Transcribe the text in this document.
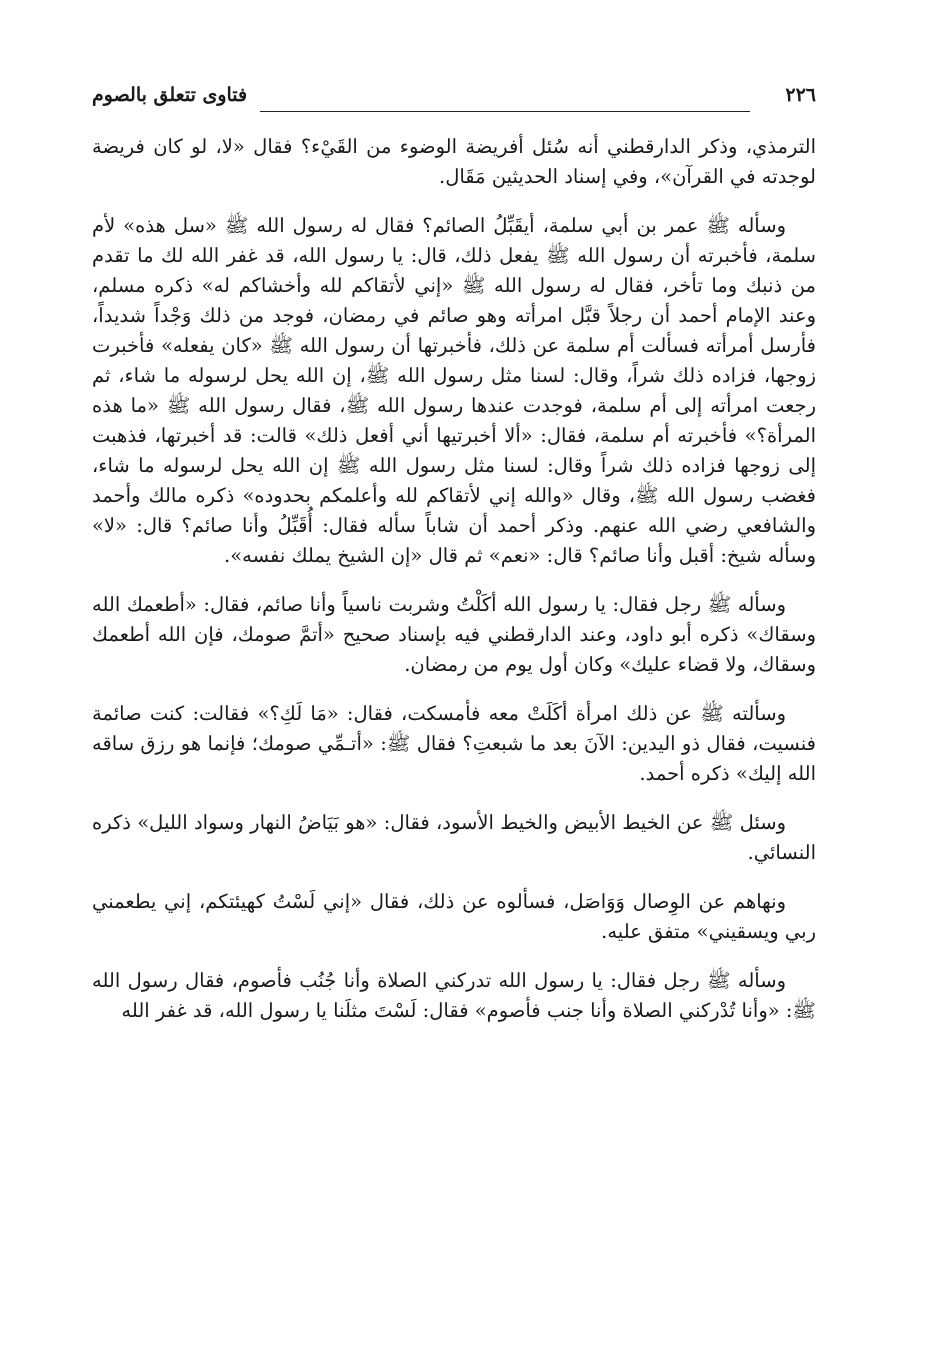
٢٢٦
فتاوى تتعلق بالصوم

الترمذي، وذكر الدارقطني أنه سُئل أفريضة الوضوء من القَيْء؟ فقال «لا، لو كان فريضة لوجدته في القرآن»، وفي إسناد الحديثين مَقَال.

وسأله ﷺ عمر بن أبي سلمة، أيقَبِّلُ الصائم؟ فقال له رسول الله ﷺ «سل هذه» لأم سلمة، فأخبرته أن رسول الله ﷺ يفعل ذلك، قال: يا رسول الله، قد غفر الله لك ما تقدم من ذنبك وما تأخر، فقال له رسول الله ﷺ «إني لأتقاكم لله وأخشاكم له» ذكره مسلم، وعند الإمام أحمد أن رجلاً قبَّل امرأته وهو صائم في رمضان، فوجد من ذلك وَجْداً شديداً، فأرسل أمرأته فسألت أم سلمة عن ذلك، فأخبرتها أن رسول الله ﷺ «كان يفعله» فأخبرت زوجها، فزاده ذلك شراً، وقال: لسنا مثل رسول الله ﷺ، إن الله يحل لرسوله ما شاء، ثم رجعت امرأته إلى أم سلمة، فوجدت عندها رسول الله ﷺ، فقال رسول الله ﷺ «ما هذه المرأة؟» فأخبرته أم سلمة، فقال: «ألا أخبرتيها أني أفعل ذلك» قالت: قد أخبرتها، فذهبت إلى زوجها فزاده ذلك شراً وقال: لسنا مثل رسول الله ﷺ إن الله يحل لرسوله ما شاء، فغضب رسول الله ﷺ، وقال «والله إني لأتقاكم لله وأعلمكم بحدوده» ذكره مالك وأحمد والشافعي رضي الله عنهم. وذكر أحمد أن شاباً سأله فقال: أُقَبِّلُ وأنا صائم؟ قال: «لا» وسأله شيخ: أقبل وأنا صائم؟ قال: «نعم» ثم قال «إن الشيخ يملك نفسه».

وسأله ﷺ رجل فقال: يا رسول الله أكَلْتُ وشربت ناسياً وأنا صائم، فقال: «أطعمك الله وسقاك» ذكره أبو داود، وعند الدارقطني فيه بإسناد صحيح «أتمَّ صومك، فإن الله أطعمك وسقاك، ولا قضاء عليك» وكان أول يوم من رمضان.

وسألته ﷺ عن ذلك امرأة أكَلَتْ معه فأمسكت، فقال: «مَا لَكِ؟» فقالت: كنت صائمة فنسيت، فقال ذو اليدين: الآنَ بعد ما شبعتِ؟ فقال ﷺ: «أتـمِّي صومك؛ فإنما هو رزق ساقه الله إليك» ذكره أحمد.

وسئل ﷺ عن الخيط الأبيض والخيط الأسود، فقال: «هو بَيَاضُ النهار وسواد الليل» ذكره النسائي.

ونهاهم عن الوِصال وَوَاصَل، فسألوه عن ذلك، فقال «إني لَسْتُ كهيئتكم، إني يطعمني ربي ويسقيني» متفق عليه.

وسأله ﷺ رجل فقال: يا رسول الله تدركني الصلاة وأنا جُنُب فأصوم، فقال رسول الله ﷺ: «وأنا تُدْركني الصلاة وأنا جنب فأصوم» فقال: لَسْتَ مثلَنا يا رسول الله، قد غفر الله
